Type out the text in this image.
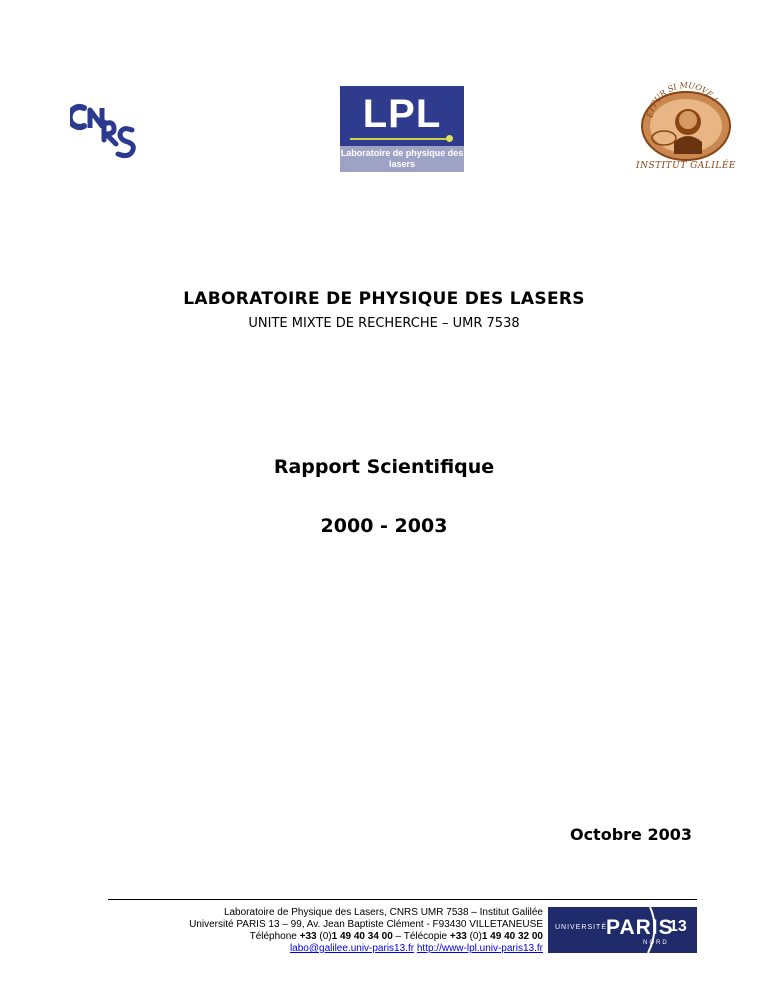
LPL
Laboratoire de physique des lasers
EPPUR SI MUOVE !
INSTITUT GALILÉE
LABORATOIRE DE PHYSIQUE DES LASERS
UNITE MIXTE DE RECHERCHE – UMR 7538
Rapport Scientifique
2000 - 2003
Octobre 2003
Laboratoire de Physique des Lasers, CNRS UMR 7538 – Institut Galilée
Université PARIS 13 – 99, Av. Jean Baptiste Clément - F93430 VILLETANEUSE
Téléphone +33 (0)1 49 40 34 00 – Télécopie +33 (0)1 49 40 32 00
labo@galilee.univ-paris13.fr http://www-lpl.univ-paris13.fr
UNIVERSITÉ
PARIS
13
NORD
